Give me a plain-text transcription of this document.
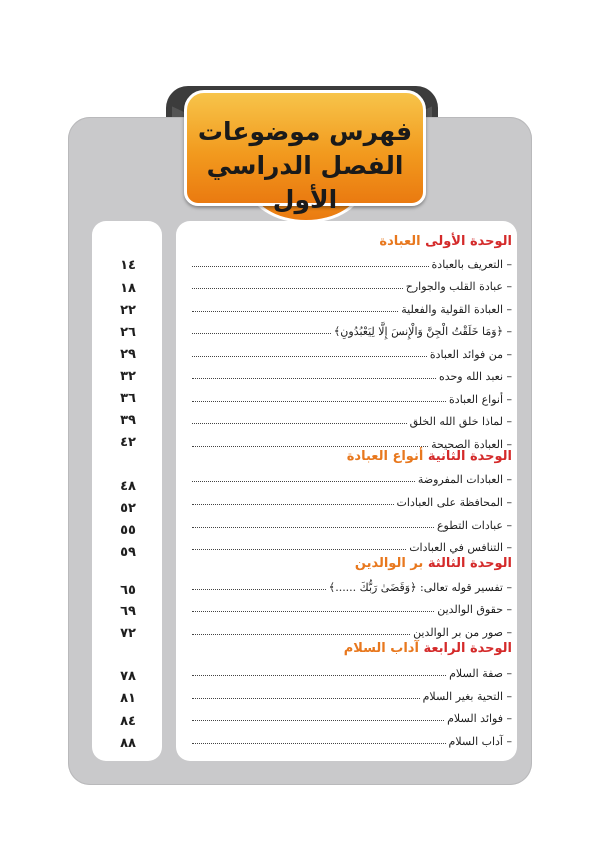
فهرس موضوعات
الفصل الدراسي الأول
الوحدة الأولى العبادة
– التعريف بالعبادة
١٤
– عبادة القلب والجوارح
١٨
– العبادة القولية والفعلية
٢٢
– ﴿وَمَا خَلَقْتُ الْجِنَّ وَالْإِنسَ إِلَّا لِيَعْبُدُونِ﴾
٢٦
– من فوائد العبادة
٢٩
– نعبد الله وحده
٣٢
– أنواع العبادة
٣٦
– لماذا خلق الله الخلق
٣٩
– العبادة الصحيحة
٤٢
الوحدة الثانية أنواع العبادة
– العبادات المفروضة
٤٨
– المحافظة على العبادات
٥٢
– عبادات التطوع
٥٥
– التنافس في العبادات
٥٩
الوحدة الثالثة بر الوالدين
– تفسير قوله تعالى: ﴿وَقَضَىٰ رَبُّكَ ......﴾
٦٥
– حقوق الوالدين
٦٩
– صور من بر الوالدين
٧٢
الوحدة الرابعة آداب السلام
– صفة السلام
٧٨
– التحية بغير السلام
٨١
– فوائد السلام
٨٤
– آداب السلام
٨٨
